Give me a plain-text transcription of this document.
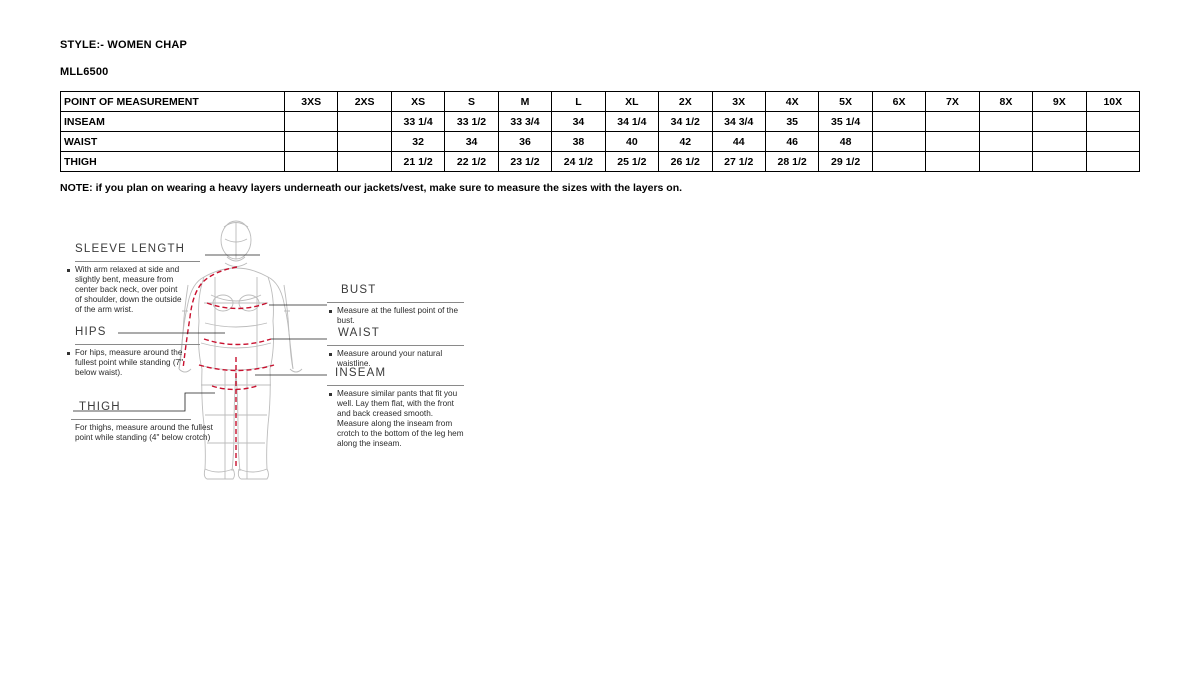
STYLE:- WOMEN CHAP
MLL6500
POINT OF MEASUREMENT	3XS	2XS	XS	S	M	L	XL	2X	3X	4X	5X	6X	7X	8X	9X	10X
INSEAM			33 1/4	33 1/2	33 3/4	34	34 1/4	34 1/2	34 3/4	35	35 1/4					
WAIST			32	34	36	38	40	42	44	46	48					
THIGH			21 1/2	22 1/2	23 1/2	24 1/2	25 1/2	26 1/2	27 1/2	28 1/2	29 1/2					
NOTE: if you plan on wearing a heavy layers underneath our jackets/vest, make sure to measure the sizes with the layers on.
SLEEVE LENGTH
With arm relaxed at side and slightly bent, measure from center back neck, over point of shoulder, down the outside of the arm wrist.
HIPS
For hips, measure around the fullest point while standing (7" below waist).
THIGH
For thighs, measure around the fullest point while standing (4" below crotch)
BUST
Measure at the fullest point of the bust.
WAIST
Measure around your natural waistline.
INSEAM
Measure similar pants that fit you well. Lay them flat, with the front and back creased smooth. Measure along the inseam from crotch to the bottom of the leg hem along the inseam.
